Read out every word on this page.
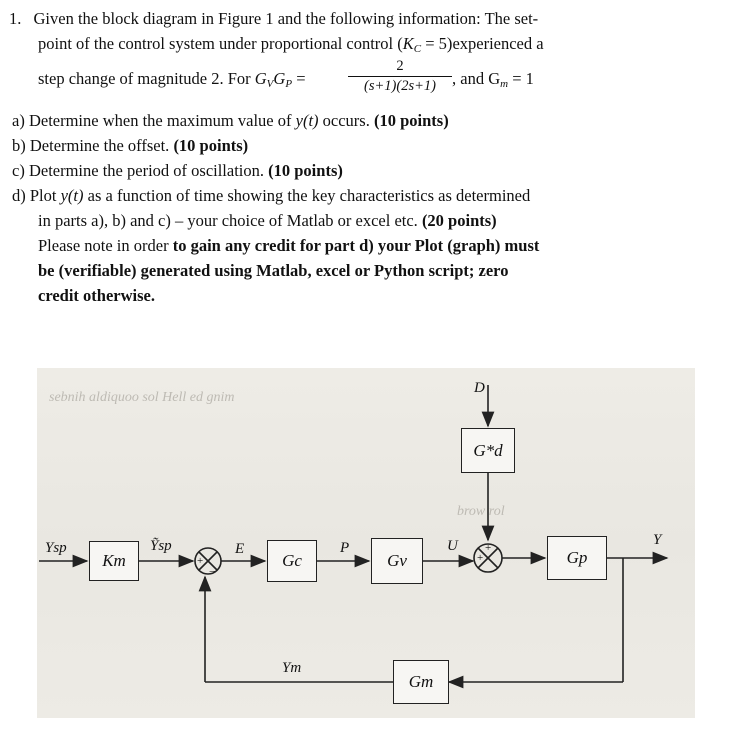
1. Given the block diagram in Figure 1 and the following information: The set-
point of the control system under proportional control ($K_C$ = 5)experienced a
step change of magnitude 2. For $G_VG_P$ =
2
(s+1)(2s+1) , and $G_m = 1$
a) Determine when the maximum value of y(t) occurs. (10 points)
b) Determine the offset. (10 points)
c) Determine the period of oscillation. (10 points)
d) Plot y(t) as a function of time showing the key characteristics as determined
in parts a), b) and c) – your choice of Matlab or excel etc. (20 points)
Please note in order to gain any credit for part d) your Plot (graph) must
be (verifiable) generated using Matlab, excel or Python script; zero
credit otherwise.
sebnih aldiquoo sol Hell ed gnim
brow rol
Km	Gc	Gv	Gp
Gm
G*d
Ysp	Ỹsp	E	P	U	Y
Ym
D
+
−
+
+
